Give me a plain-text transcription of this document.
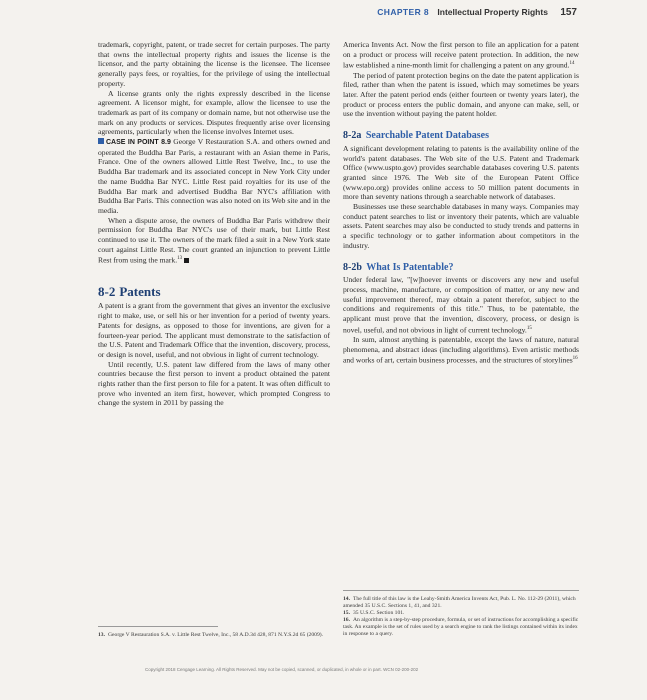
CHAPTER 8 Intellectual Property Rights 157

trademark, copyright, patent, or trade secret for certain purposes. The party that owns the intellectual property rights and issues the license is the licensor, and the party obtaining the license is the licensee. The licensee generally pays fees, or royalties, for the privilege of using the intellectual property.

A license grants only the rights expressly described in the license agreement. A licensor might, for example, allow the licensee to use the trademark as part of its company or domain name, but not otherwise use the mark on any products or services. Disputes frequently arise over licensing agreements, particularly when the license involves Internet uses.

CASE IN POINT 8.9 George V Restauration S.A. and others owned and operated the Buddha Bar Paris, a restaurant with an Asian theme in Paris, France. One of the owners allowed Little Rest Twelve, Inc., to use the Buddha Bar trademark and its associated concept in New York City under the name Buddha Bar NYC. Little Rest paid royalties for its use of the Buddha Bar mark and advertised Buddha Bar NYC's affiliation with Buddha Bar Paris. This connection was also noted on its Web site and in the media.

When a dispute arose, the owners of Buddha Bar Paris withdrew their permission for Buddha Bar NYC's use of their mark, but Little Rest continued to use it. The owners of the mark filed a suit in a New York state court against Little Rest. The court granted an injunction to prevent Little Rest from using the mark.$^{13}$

8-2 Patents

A patent is a grant from the government that gives an inventor the exclusive right to make, use, or sell his or her invention for a period of twenty years. Patents for designs, as opposed to those for inventions, are given for a fourteen-year period. The applicant must demonstrate to the satisfaction of the U.S. Patent and Trademark Office that the invention, discovery, process, or design is novel, useful, and not obvious in light of current technology.

Until recently, U.S. patent law differed from the laws of many other countries because the first person to invent a product obtained the patent rights rather than the first person to file for a patent. It was often difficult to prove who invented an item first, however, which prompted Congress to change the system in 2011 by passing the

13. George V Restauration S.A. v. Little Rest Twelve, Inc., 58 A.D.3d 428, 871 N.Y.S.2d 65 (2009).

America Invents Act. Now the first person to file an application for a patent on a product or process will receive patent protection. In addition, the new law established a nine-month limit for challenging a patent on any ground.$^{14}$

The period of patent protection begins on the date the patent application is filed, rather than when the patent is issued, which may sometimes be years later. After the patent period ends (either fourteen or twenty years later), the product or process enters the public domain, and anyone can make, sell, or use the invention without paying the patent holder.

8-2a Searchable Patent Databases

A significant development relating to patents is the availability online of the world's patent databases. The Web site of the U.S. Patent and Trademark Office (www.uspto.gov) provides searchable databases covering U.S. patents granted since 1976. The Web site of the European Patent Office (www.epo.org) provides online access to 50 million patent documents in more than seventy nations through a searchable network of databases.

Businesses use these searchable databases in many ways. Companies may conduct patent searches to list or inventory their patents, which are valuable assets. Patent searches may also be conducted to study trends and patterns in a specific technology or to gather information about competitors in the industry.

8-2b What Is Patentable?

Under federal law, "[w]hoever invents or discovers any new and useful process, machine, manufacture, or composition of matter, or any new and useful improvement thereof, may obtain a patent therefor, subject to the conditions and requirements of this title." Thus, to be patentable, the applicant must prove that the invention, discovery, process, or design is novel, useful, and not obvious in light of current technology.$^{15}$

In sum, almost anything is patentable, except the laws of nature, natural phenomena, and abstract ideas (including algorithms). Even artistic methods and works of art, certain business processes, and the structures of storylines$^{16}$

14. The full title of this law is the Leahy-Smith America Invents Act, Pub. L. No. 112-29 (2011), which amended 35 U.S.C. Sections 1, 41, and 321.
15. 35 U.S.C. Section 101.
16. An algorithm is a step-by-step procedure, formula, or set of instructions for accomplishing a specific task. An example is the set of rules used by a search engine to rank the listings contained within its index in response to a query.
Copyright 2018 Cengage Learning. All Rights Reserved. May not be copied, scanned, or duplicated, in whole or in part. WCN 02-200-202
